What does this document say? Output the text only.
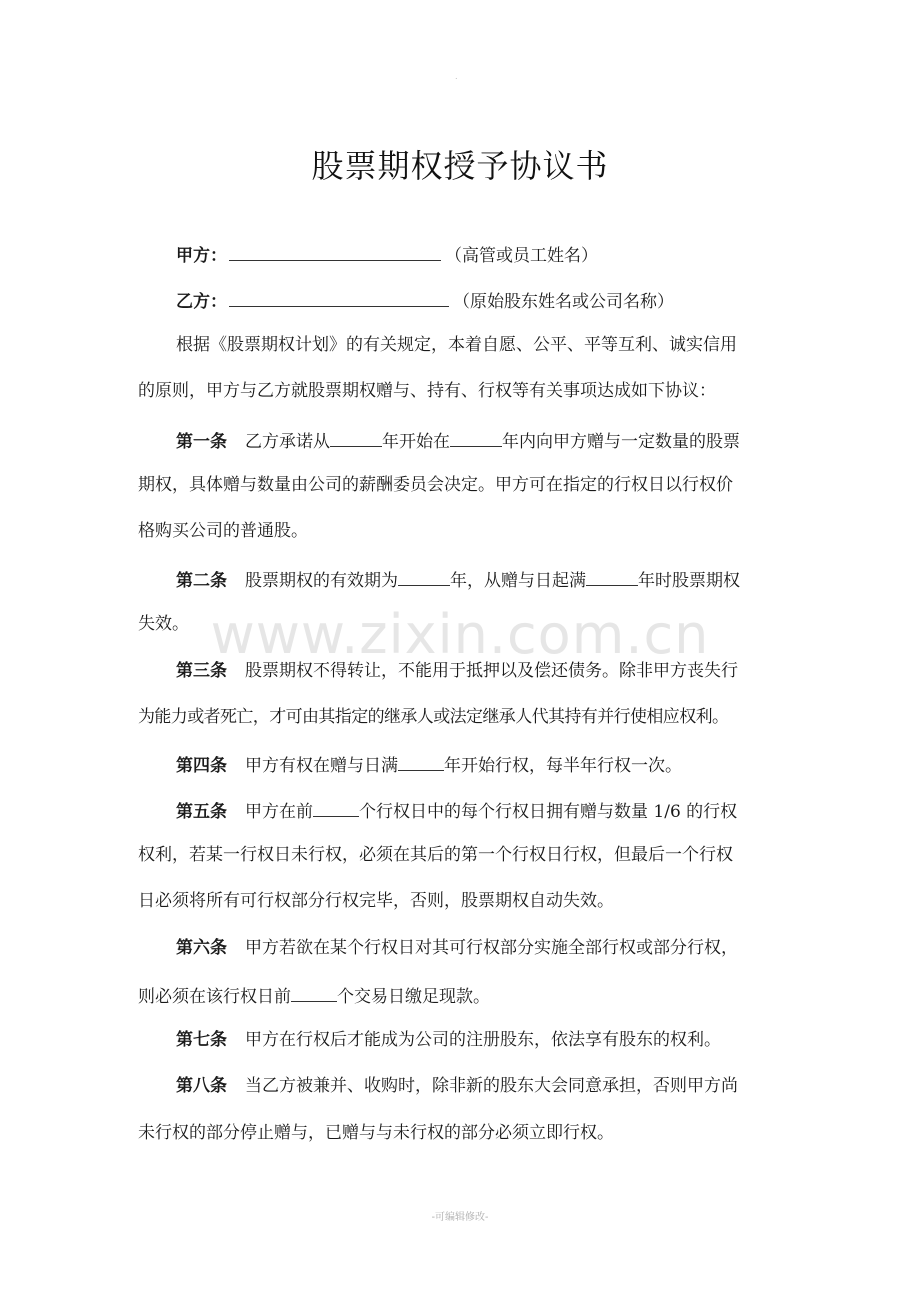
.
股票期权授予协议书
甲方：	（高管或员工姓名）
乙方：	（原始股东姓名或公司名称）
根据《股票期权计划》的有关规定，本着自愿、公平、平等互利、诚实信用
的原则，甲方与乙方就股票期权赠与、持有、行权等有关事项达成如下协议：
第一条 乙方承诺从	年开始在	年内向甲方赠与一定数量的股票
期权，具体赠与数量由公司的薪酬委员会决定。甲方可在指定的行权日以行权价
格购买公司的普通股。
第二条 股票期权的有效期为	年，从赠与日起满	年时股票期权
失效。 www.zixin.com.cn
第三条 股票期权不得转让，不能用于抵押以及偿还债务。除非甲方丧失行
为能力或者死亡，才可由其指定的继承人或法定继承人代其持有并行使相应权利。
第四条 甲方有权在赠与日满	年开始行权，每半年行权一次。
第五条 甲方在前	个行权日中的每个行权日拥有赠与数量 1/6 的行权
权利，若某一行权日未行权，必须在其后的第一个行权日行权，但最后一个行权
日必须将所有可行权部分行权完毕，否则，股票期权自动失效。
第六条 甲方若欲在某个行权日对其可行权部分实施全部行权或部分行权，
则必须在该行权日前	个交易日缴足现款。
第七条 甲方在行权后才能成为公司的注册股东，依法享有股东的权利。
第八条 当乙方被兼并、收购时，除非新的股东大会同意承担，否则甲方尚
未行权的部分停止赠与，已赠与与未行权的部分必须立即行权。
-可编辑修改-
